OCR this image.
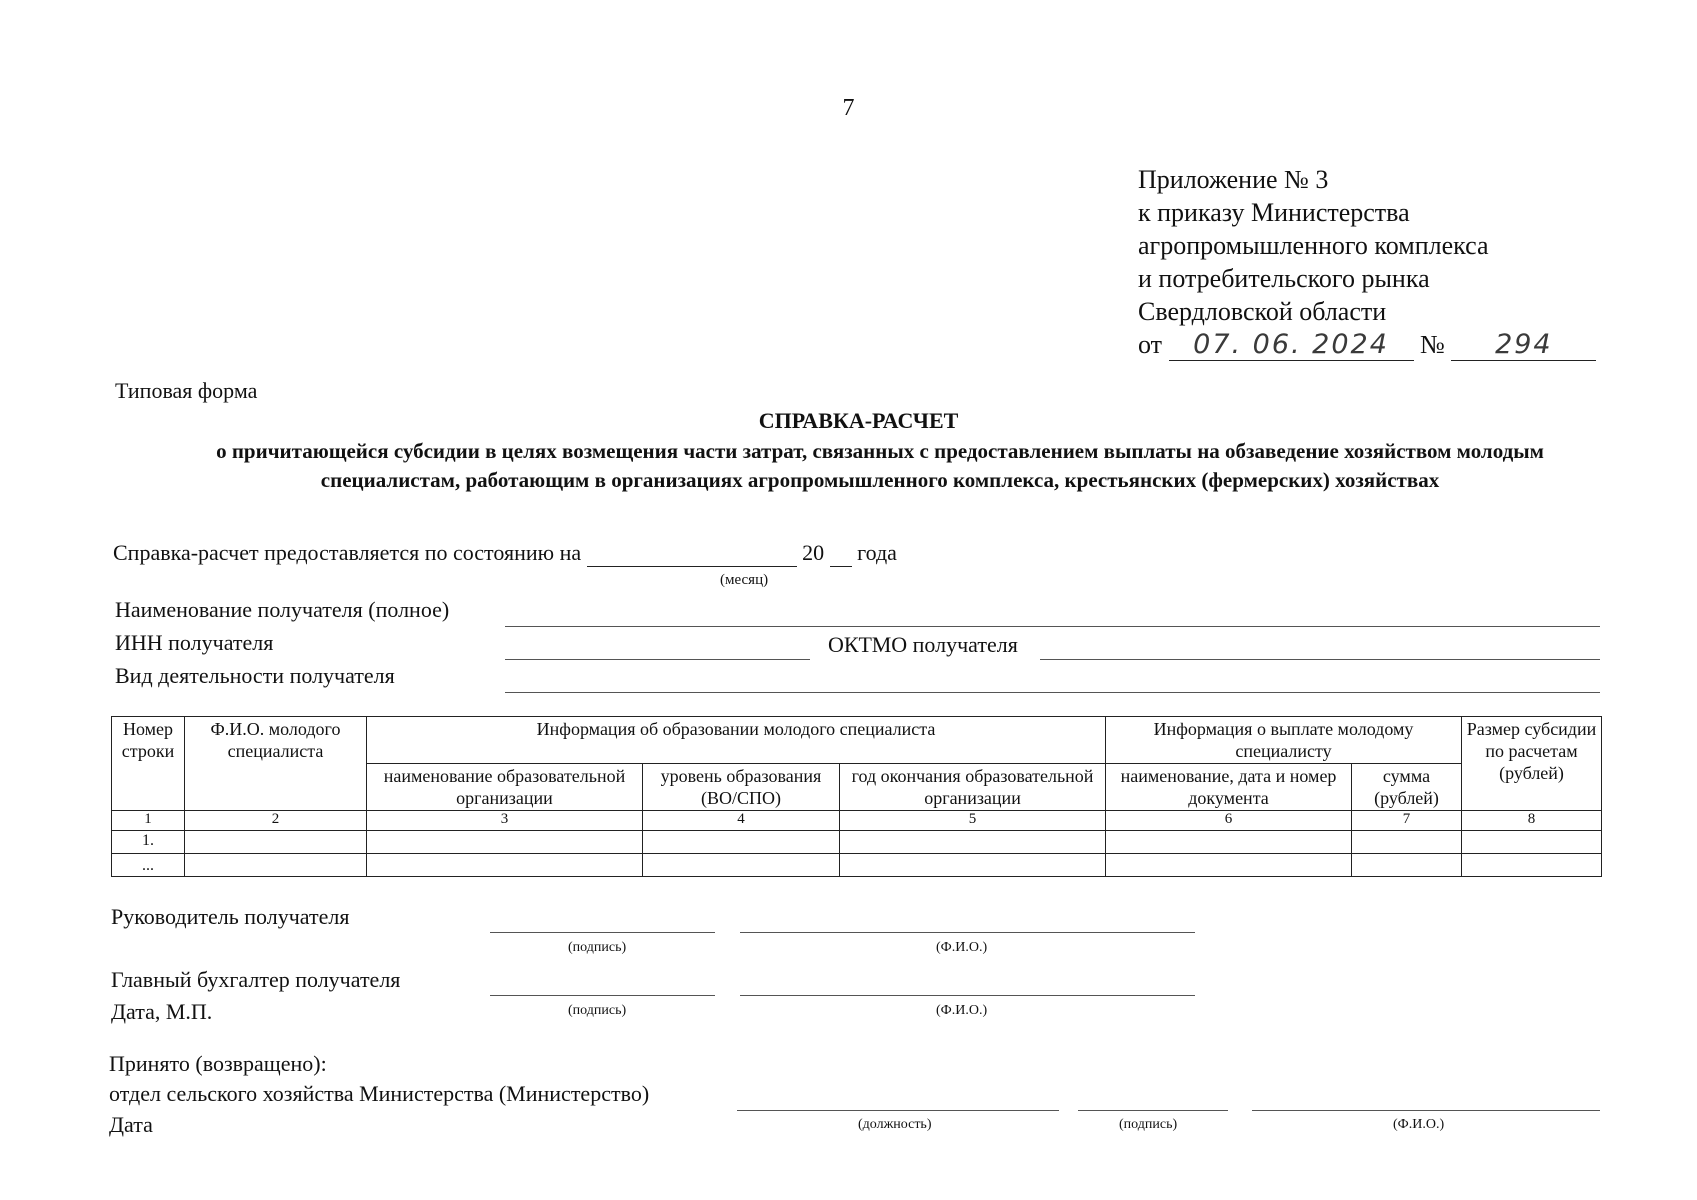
7
Приложение № 3
к приказу Министерства
агропромышленного комплекса
и потребительского рынка
Свердловской области
от 07. 06. 2024 № 294
Типовая форма
СПРАВКА-РАСЧЕТ
о причитающейся субсидии в целях возмещения части затрат, связанных с предоставлением выплаты на обзаведение хозяйством молодым специалистам, работающим в организациях агропромышленного комплекса, крестьянских (фермерских) хозяйствах
Справка-расчет предоставляется по состоянию на	20 года
(месяц)
Наименование получателя (полное)
ИНН получателя	ОКТМО получателя
Вид деятельности получателя
Номер строки	Ф.И.О. молодого специалиста	Информация об образовании молодого специалиста			Информация о выплате молодому специалисту		Размер субсидии по расчетам (рублей)
		наименование образовательной организации	уровень образования (ВО/СПО)	год окончания образовательной организации	наименование, дата и номер документа	сумма (рублей)	
1	2	3	4	5	6	7	8
1.							
...							
Руководитель получателя
(подпись)	(Ф.И.О.)
Главный бухгалтер получателя
Дата, М.П.	(подпись)	(Ф.И.О.)
Принято (возвращено):
отдел сельского хозяйства Министерства (Министерство)
Дата	(должность)	(подпись)	(Ф.И.О.)
